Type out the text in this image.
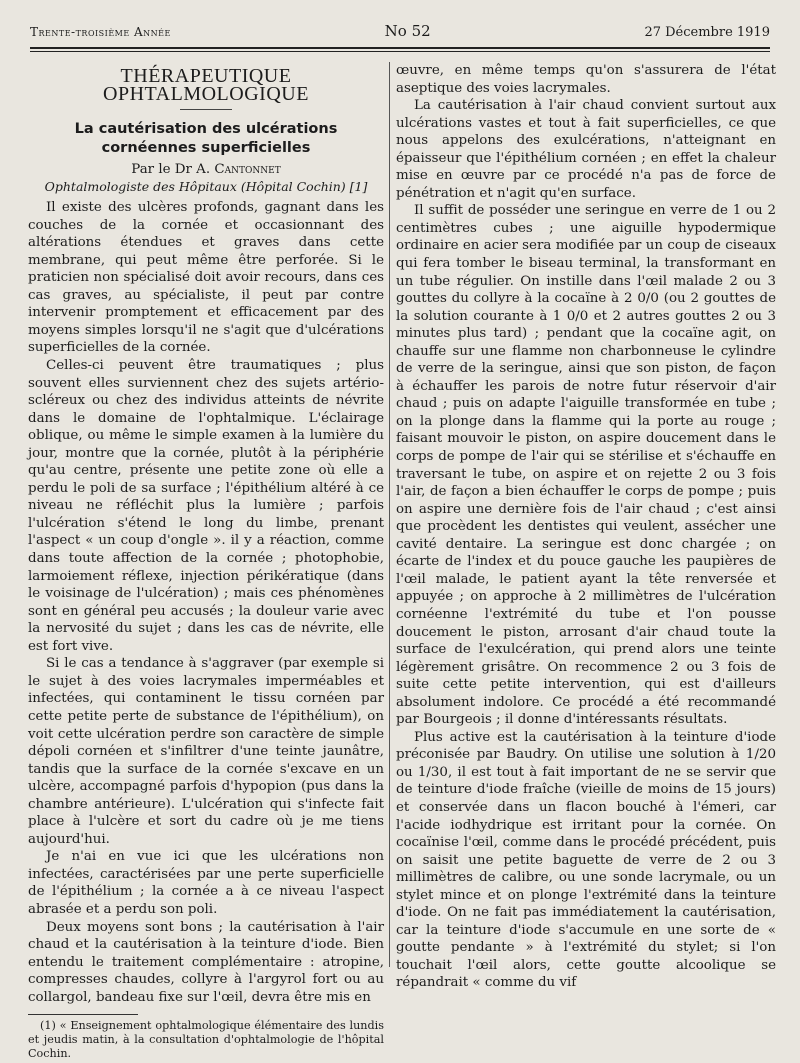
Trente-troisième Année	No 52	27 Décembre 1919
THÉRAPEUTIQUE OPHTALMOLOGIQUE
La cautérisation des ulcérations cornéennes superficielles
Par le Dr A. Cantonnet
Ophtalmologiste des Hôpitaux (Hôpital Cochin) [1]

Il existe des ulcères profonds, gagnant dans les couches de la cornée et occasionnant des altérations étendues et graves dans cette membrane, qui peut même être perforée. Si le praticien non spécialisé doit avoir recours, dans ces cas graves, au spécialiste, il peut par contre intervenir promptement et efficacement par des moyens simples lorsqu'il ne s'agit que d'ulcérations superficielles de la cornée.

Celles-ci peuvent être traumatiques ; plus souvent elles surviennent chez des sujets artério-scléreux ou chez des individus atteints de névrite dans le domaine de l'ophtalmique. L'éclairage oblique, ou même le simple examen à la lumière du jour, montre que la cornée, plutôt à la périphérie qu'au centre, présente une petite zone où elle a perdu le poli de sa surface ; l'épithélium altéré à ce niveau ne réfléchit plus la lumière ; parfois l'ulcération s'étend le long du limbe, prenant l'aspect « un coup d'ongle ». il y a réaction, comme dans toute affection de la cornée ; photophobie, larmoiement réflexe, injection périkératique (dans le voisinage de l'ulcération) ; mais ces phénomènes sont en général peu accusés ; la douleur varie avec la nervosité du sujet ; dans les cas de névrite, elle est fort vive.

Si le cas a tendance à s'aggraver (par exemple si le sujet à des voies lacrymales imperméables et infectées, qui contaminent le tissu cornéen par cette petite perte de substance de l'épithélium), on voit cette ulcération perdre son caractère de simple dépoli cornéen et s'infiltrer d'une teinte jaunâtre, tandis que la surface de la cornée s'excave en un ulcère, accompagné parfois d'hypopion (pus dans la chambre antérieure). L'ulcération qui s'infecte fait place à l'ulcère et sort du cadre où je me tiens aujourd'hui.

Je n'ai en vue ici que les ulcérations non infectées, caractérisées par une perte superficielle de l'épithélium ; la cornée a à ce niveau l'aspect abrasée et a perdu son poli.

Deux moyens sont bons ; la cautérisation à l'air chaud et la cautérisation à la teinture d'iode. Bien entendu le traitement complémentaire : atropine, compresses chaudes, collyre à l'argyrol fort ou au collargol, bandeau fixe sur l'œil, devra être mis en

(1) « Enseignement ophtalmologique élémentaire des lundis et jeudis matin, à la consultation d'ophtalmologie de l'hôpital Cochin.

œuvre, en même temps qu'on s'assurera de l'état aseptique des voies lacrymales.

La cautérisation à l'air chaud convient surtout aux ulcérations vastes et tout à fait superficielles, ce que nous appelons des exulcérations, n'atteignant en épaisseur que l'épithélium cornéen ; en effet la chaleur mise en œuvre par ce procédé n'a pas de force de pénétration et n'agit qu'en surface.

Il suffit de posséder une seringue en verre de 1 ou 2 centimètres cubes ; une aiguille hypodermique ordinaire en acier sera modifiée par un coup de ciseaux qui fera tomber le biseau terminal, la transformant en un tube régulier. On instille dans l'œil malade 2 ou 3 gouttes du collyre à la cocaïne à 2 0/0 (ou 2 gouttes de la solution courante à 1 0/0 et 2 autres gouttes 2 ou 3 minutes plus tard) ; pendant que la cocaïne agit, on chauffe sur une flamme non charbonneuse le cylindre de verre de la seringue, ainsi que son piston, de façon à échauffer les parois de notre futur réservoir d'air chaud ; puis on adapte l'aiguille transformée en tube ; on la plonge dans la flamme qui la porte au rouge ; faisant mouvoir le piston, on aspire doucement dans le corps de pompe de l'air qui se stérilise et s'échauffe en traversant le tube, on aspire et on rejette 2 ou 3 fois l'air, de façon a bien échauffer le corps de pompe ; puis on aspire une dernière fois de l'air chaud ; c'est ainsi que procèdent les dentistes qui veulent, assécher une cavité dentaire. La seringue est donc chargée ; on écarte de l'index et du pouce gauche les paupières de l'œil malade, le patient ayant la tête renversée et appuyée ; on approche à 2 millimètres de l'ulcération cornéenne l'extrémité du tube et l'on pousse doucement le piston, arrosant d'air chaud toute la surface de l'exulcération, qui prend alors une teinte légèrement grisâtre. On recommence 2 ou 3 fois de suite cette petite intervention, qui est d'ailleurs absolument indolore. Ce procédé a été recommandé par Bourgeois ; il donne d'intéressants résultats.

Plus active est la cautérisation à la teinture d'iode préconisée par Baudry. On utilise une solution à 1/20 ou 1/30, il est tout à fait important de ne se servir que de teinture d'iode fraîche (vieille de moins de 15 jours) et conservée dans un flacon bouché à l'émeri, car l'acide iodhydrique est irritant pour la cornée. On cocaïnise l'œil, comme dans le procédé précédent, puis on saisit une petite baguette de verre de 2 ou 3 millimètres de calibre, ou une sonde lacrymale, ou un stylet mince et on plonge l'extrémité dans la teinture d'iode. On ne fait pas immédiatement la cautérisation, car la teinture d'iode s'accumule en une sorte de « goutte pendante » à l'extrémité du stylet; si l'on touchait l'œil alors, cette goutte alcoolique se répandrait « comme du vif
